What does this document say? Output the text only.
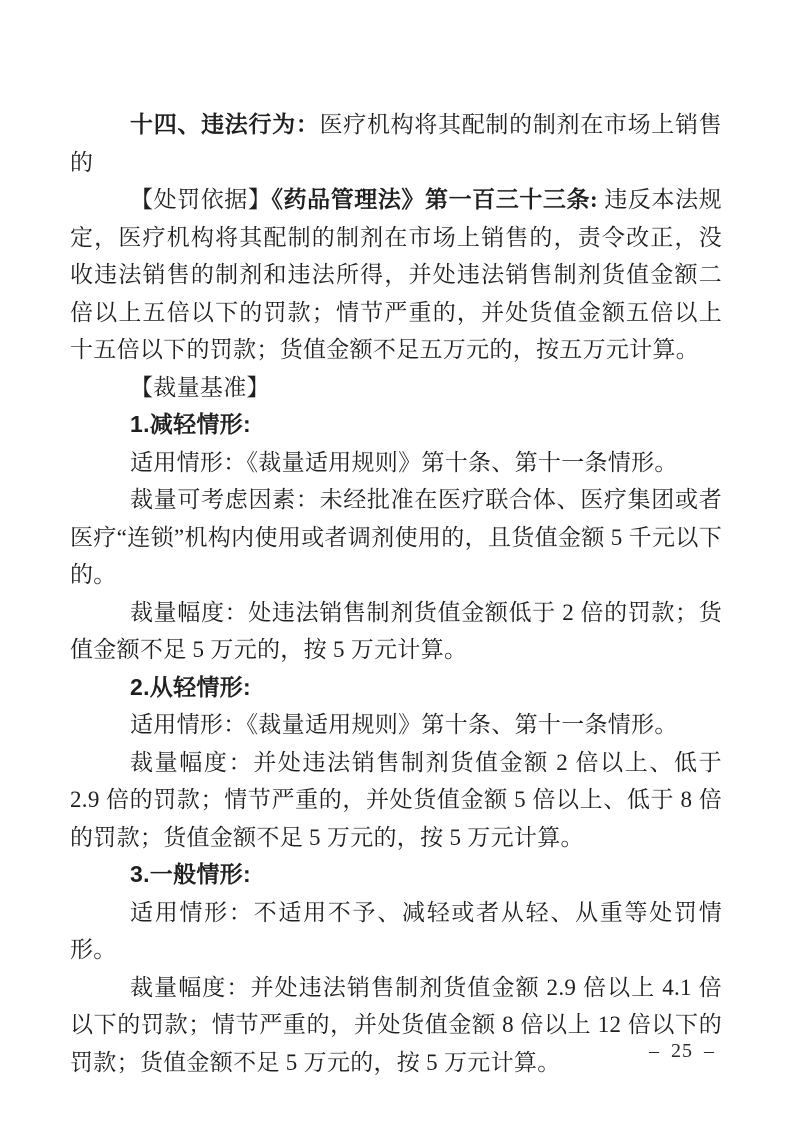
十四、违法行为：医疗机构将其配制的制剂在市场上销售的

【处罚依据】《药品管理法》第一百三十三条: 违反本法规定，医疗机构将其配制的制剂在市场上销售的，责令改正，没收违法销售的制剂和违法所得，并处违法销售制剂货值金额二倍以上五倍以下的罚款；情节严重的，并处货值金额五倍以上十五倍以下的罚款；货值金额不足五万元的，按五万元计算。

【裁量基准】

1.减轻情形:

适用情形：《裁量适用规则》第十条、第十一条情形。

裁量可考虑因素：未经批准在医疗联合体、医疗集团或者医疗“连锁”机构内使用或者调剂使用的，且货值金额 5 千元以下的。

裁量幅度：处违法销售制剂货值金额低于 2 倍的罚款；货值金额不足 5 万元的，按 5 万元计算。

2.从轻情形:

适用情形：《裁量适用规则》第十条、第十一条情形。

裁量幅度：并处违法销售制剂货值金额 2 倍以上、低于 2.9 倍的罚款；情节严重的，并处货值金额 5 倍以上、低于 8 倍的罚款；货值金额不足 5 万元的，按 5 万元计算。

3.一般情形:

适用情形：不适用不予、减轻或者从轻、从重等处罚情形。

裁量幅度：并处违法销售制剂货值金额 2.9 倍以上 4.1 倍以下的罚款；情节严重的，并处货值金额 8 倍以上 12 倍以下的罚款；货值金额不足 5 万元的，按 5 万元计算。	– 25 –
